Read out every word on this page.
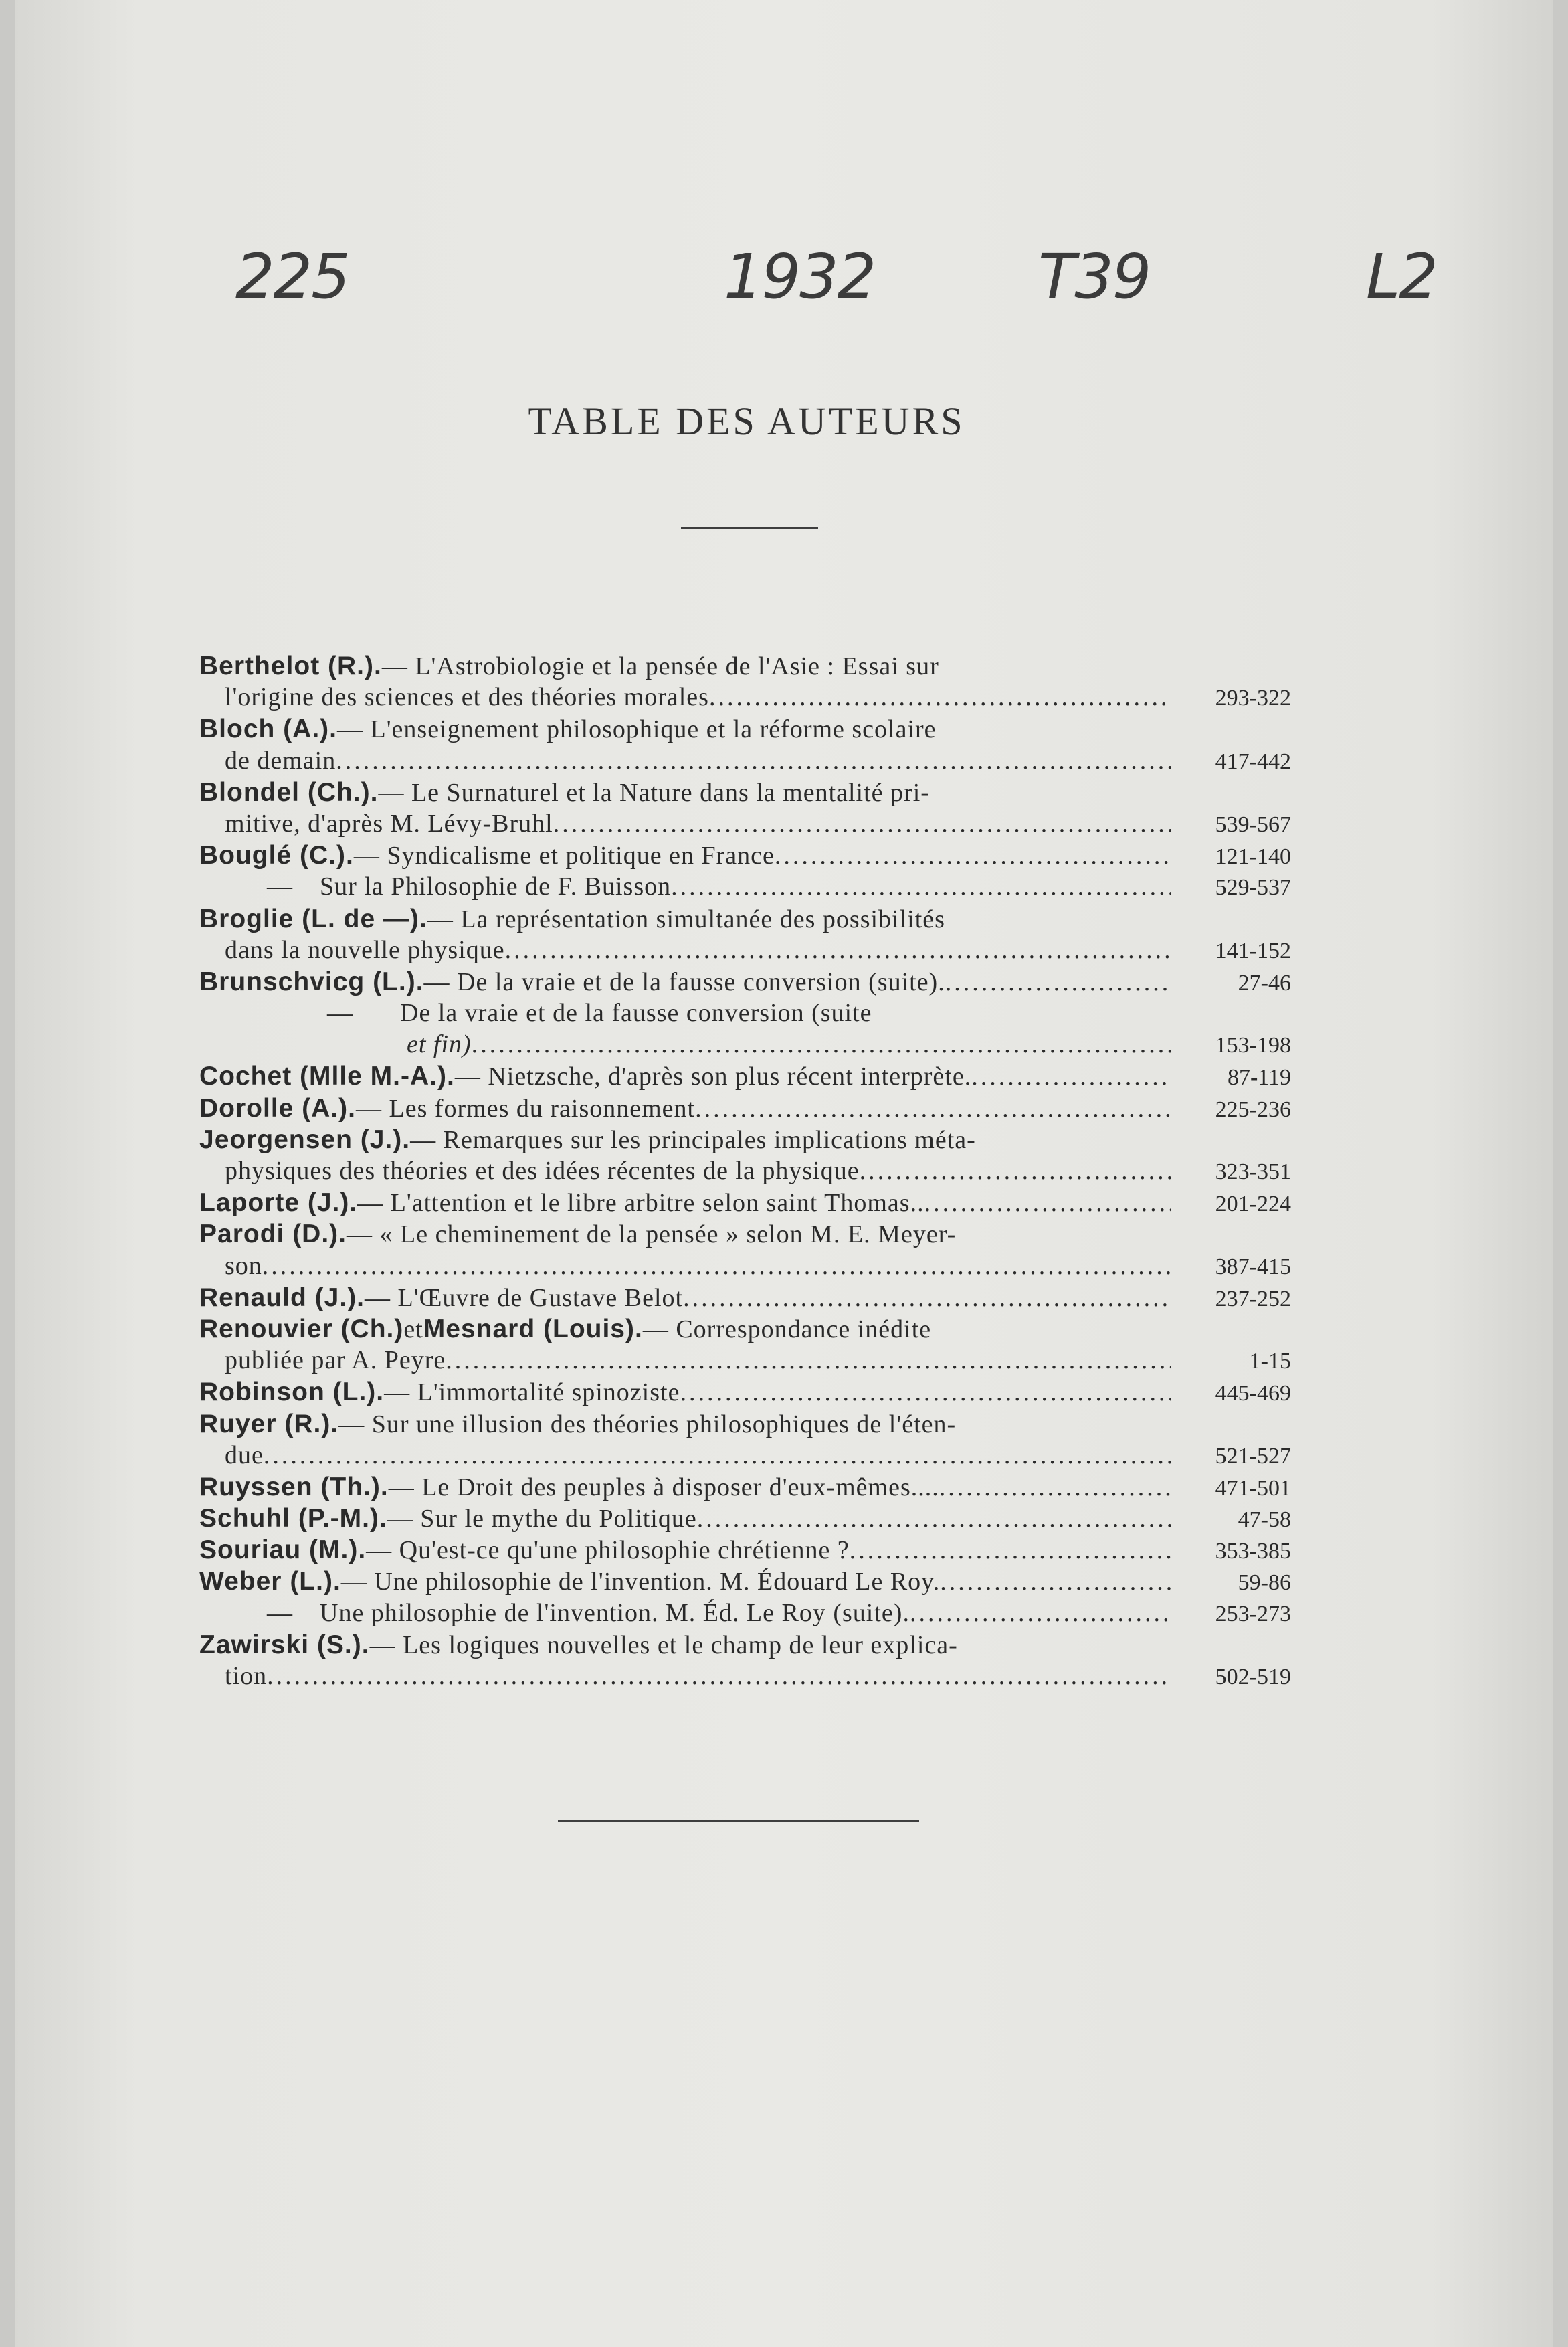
225	1932	T39	L2
TABLE DES AUTEURS
Berthelot (R.). — L'Astrobiologie et la pensée de l'Asie : Essai sur
l'origine des sciences et des théories morales .....	293-322
Bloch (A.). — L'enseignement philosophique et la réforme scolaire
de demain .....	417-442
Blondel (Ch.). — Le Surnaturel et la Nature dans la mentalité pri-
mitive, d'après M. Lévy-Bruhl .....	539-567
Bouglé (C.). — Syndicalisme et politique en France .....	121-140
—	Sur la Philosophie de F. Buisson .....	529-537
Broglie (L. de —). — La représentation simultanée des possibilités
dans la nouvelle physique .....	141-152
Brunschvicg (L.). — De la vraie et de la fausse conversion (suite). .....	27-46
—	De la vraie et de la fausse conversion (suite
et fin) .....	153-198
Cochet (Mlle M.-A.). — Nietzsche, d'après son plus récent interprète. .....	87-119
Dorolle (A.). — Les formes du raisonnement .....	225-236
Jeorgensen (J.). — Remarques sur les principales implications méta-
physiques des théories et des idées récentes de la physique .....	323-351
Laporte (J.). — L'attention et le libre arbitre selon saint Thomas.. .....	201-224
Parodi (D.). — « Le cheminement de la pensée » selon M. E. Meyer-
son .....	387-415
Renauld (J.). — L'Œuvre de Gustave Belot .....	237-252
Renouvier (Ch.) et Mesnard (Louis). — Correspondance inédite
publiée par A. Peyre .....	1-15
Robinson (L.). — L'immortalité spinoziste .....	445-469
Ruyer (R.). — Sur une illusion des théories philosophiques de l'éten-
due .....	521-527
Ruyssen (Th.). — Le Droit des peuples à disposer d'eux-mêmes.... .....	471-501
Schuhl (P.-M.). — Sur le mythe du Politique .....	47-58
Souriau (M.). — Qu'est-ce qu'une philosophie chrétienne ? .....	353-385
Weber (L.). — Une philosophie de l'invention. M. Édouard Le Roy. .....	59-86
—	Une philosophie de l'invention. M. Éd. Le Roy (suite). .....	253-273
Zawirski (S.). — Les logiques nouvelles et le champ de leur explica-
tion .....	502-519
